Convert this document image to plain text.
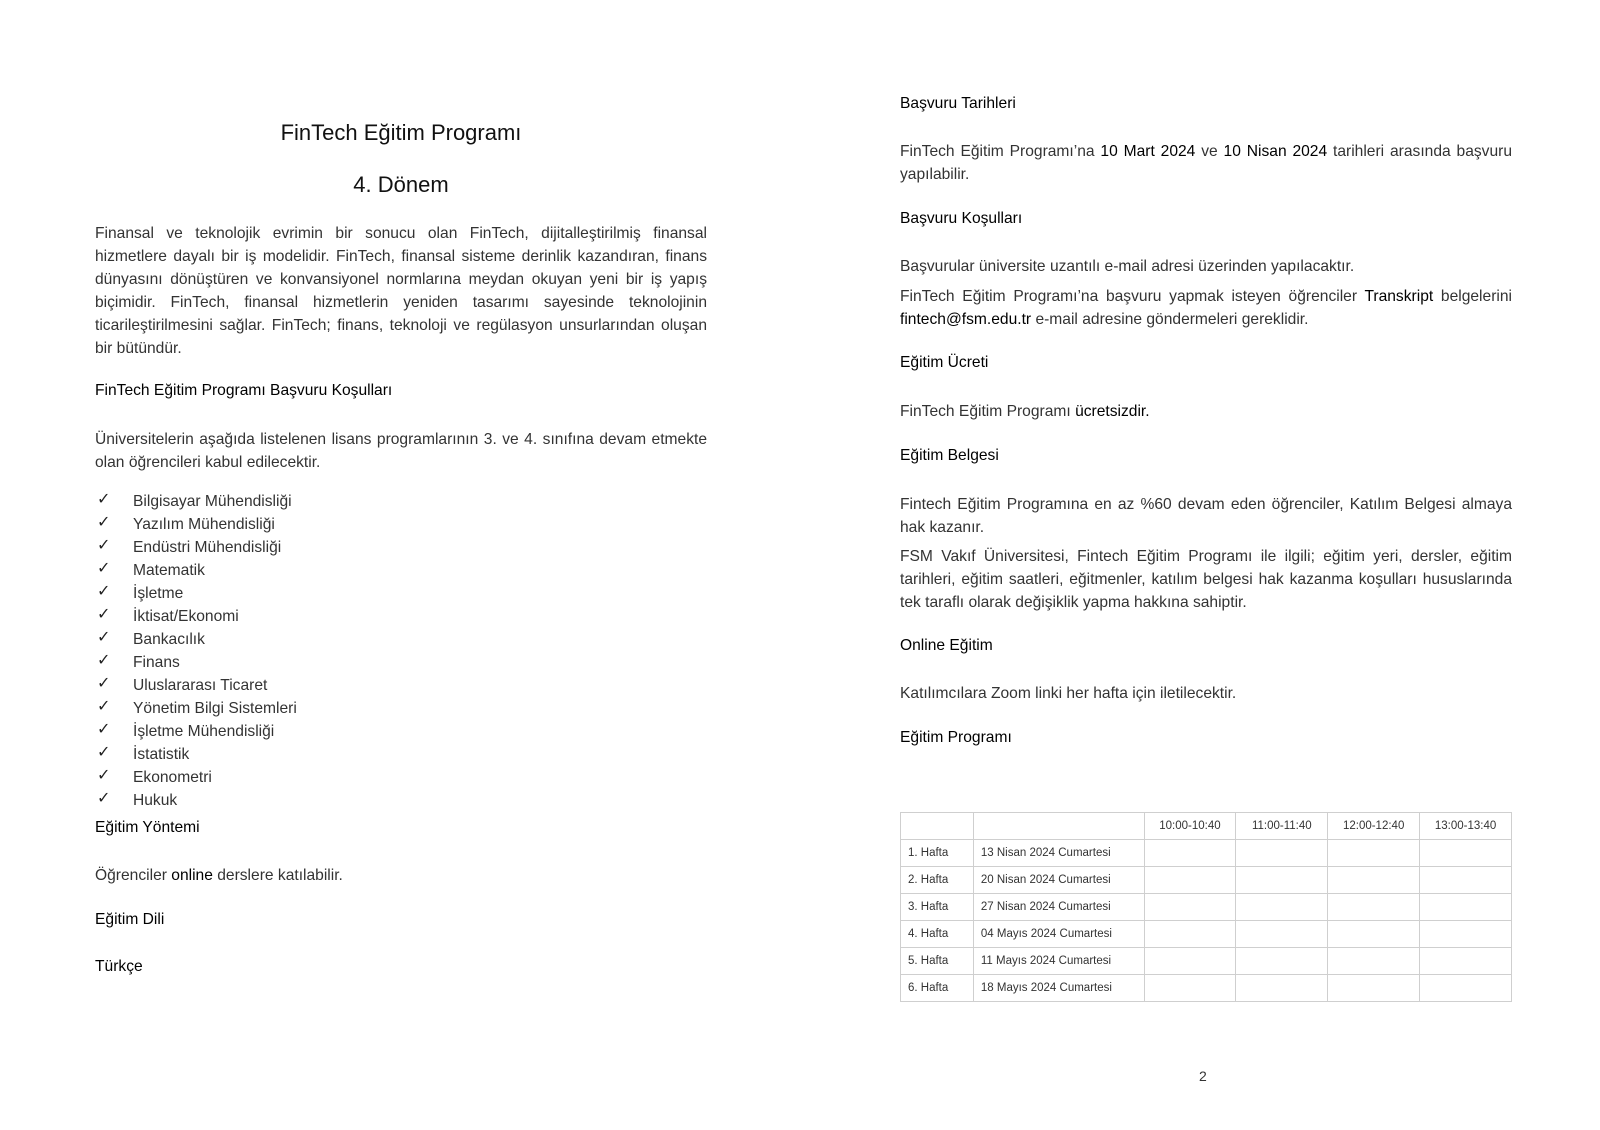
FinTech Eğitim Programı
4. Dönem
Finansal ve teknolojik evrimin bir sonucu olan FinTech, dijitalleştirilmiş finansal hizmetlere dayalı bir iş modelidir. FinTech, finansal sisteme derinlik kazandıran, finans dünyasını dönüştüren ve konvansiyonel normlarına meydan okuyan yeni bir iş yapış biçimidir. FinTech, finansal hizmetlerin yeniden tasarımı sayesinde teknolojinin ticarileştirilmesini sağlar. FinTech; finans, teknoloji ve regülasyon unsurlarından oluşan bir bütündür.
FinTech Eğitim Programı Başvuru Koşulları
Üniversitelerin aşağıda listelenen lisans programlarının 3. ve 4. sınıfına devam etmekte olan öğrencileri kabul edilecektir.
✓ Bilgisayar Mühendisliği
✓ Yazılım Mühendisliği
✓ Endüstri Mühendisliği
✓ Matematik
✓ İşletme
✓ İktisat/Ekonomi
✓ Bankacılık
✓ Finans
✓ Uluslararası Ticaret
✓ Yönetim Bilgi Sistemleri
✓ İşletme Mühendisliği
✓ İstatistik
✓ Ekonometri
✓ Hukuk
Eğitim Yöntemi
Öğrenciler online derslere katılabilir.
Eğitim Dili
Türkçe
Başvuru Tarihleri
FinTech Eğitim Programı’na 10 Mart 2024 ve 10 Nisan 2024 tarihleri arasında başvuru yapılabilir.
Başvuru Koşulları
Başvurular üniversite uzantılı e-mail adresi üzerinden yapılacaktır.
FinTech Eğitim Programı’na başvuru yapmak isteyen öğrenciler Transkript belgelerini fintech@fsm.edu.tr e-mail adresine göndermeleri gereklidir.
Eğitim Ücreti
FinTech Eğitim Programı ücretsizdir.
Eğitim Belgesi
Fintech Eğitim Programına en az %60 devam eden öğrenciler, Katılım Belgesi almaya hak kazanır.
FSM Vakıf Üniversitesi, Fintech Eğitim Programı ile ilgili; eğitim yeri, dersler, eğitim tarihleri, eğitim saatleri, eğitmenler, katılım belgesi hak kazanma koşulları hususlarında tek taraflı olarak değişiklik yapma hakkına sahiptir.
Online Eğitim
Katılımcılara Zoom linki her hafta için iletilecektir.
Eğitim Programı
		10:00-10:40	11:00-11:40	12:00-12:40	13:00-13:40
1. Hafta	13 Nisan 2024 Cumartesi				
2. Hafta	20 Nisan 2024 Cumartesi				
3. Hafta	27 Nisan 2024 Cumartesi				
4. Hafta	04 Mayıs 2024 Cumartesi				
5. Hafta	11 Mayıs 2024 Cumartesi				
6. Hafta	18 Mayıs 2024 Cumartesi				
2
